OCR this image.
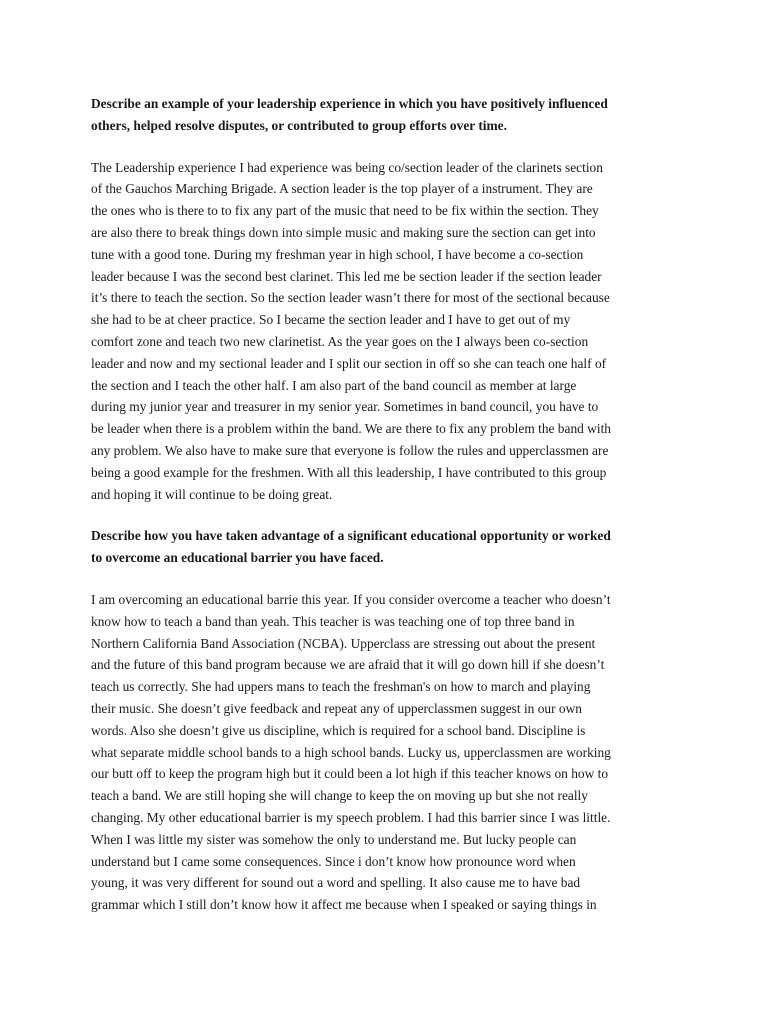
Describe an example of your leadership experience in which you have positively influenced
others, helped resolve disputes, or contributed to group efforts over time.
The Leadership experience I had experience was being co/section leader of the clarinets section
of the Gauchos Marching Brigade. A section leader is the top player of a instrument. They are
the ones who is there to to fix any part of the music that need to be fix within the section. They
are also there to break things down into simple music and making sure the section can get into
tune with a good tone. During my freshman year in high school, I have become a co-section
leader because I was the second best clarinet. This led me be section leader if the section leader
it’s there to teach the section. So the section leader wasn’t there for most of the sectional because
she had to be at cheer practice. So I became the section leader and I have to get out of my
comfort zone and teach two new clarinetist. As the year goes on the I always been co-section
leader and now and my sectional leader and I split our section in off so she can teach one half of
the section and I teach the other half. I am also part of the band council as member at large
during my junior year and treasurer in my senior year. Sometimes in band council, you have to
be leader when there is a problem within the band. We are there to fix any problem the band with
any problem. We also have to make sure that everyone is follow the rules and upperclassmen are
being a good example for the freshmen. With all this leadership, I have contributed to this group
and hoping it will continue to be doing great.
Describe how you have taken advantage of a significant educational opportunity or worked
to overcome an educational barrier you have faced.
I am overcoming an educational barrie this year. If you consider overcome a teacher who doesn’t
know how to teach a band than yeah. This teacher is was teaching one of top three band in
Northern California Band Association (NCBA). Upperclass are stressing out about the present
and the future of this band program because we are afraid that it will go down hill if she doesn’t
teach us correctly. She had uppers mans to teach the freshman's on how to march and playing
their music. She doesn’t give feedback and repeat any of upperclassmen suggest in our own
words. Also she doesn’t give us discipline, which is required for a school band. Discipline is
what separate middle school bands to a high school bands. Lucky us, upperclassmen are working
our butt off to keep the program high but it could been a lot high if this teacher knows on how to
teach a band. We are still hoping she will change to keep the on moving up but she not really
changing. My other educational barrier is my speech problem. I had this barrier since I was little.
When I was little my sister was somehow the only to understand me. But lucky people can
understand but I came some consequences. Since i don’t know how pronounce word when
young, it was very different for sound out a word and spelling. It also cause me to have bad
grammar which I still don’t know how it affect me because when I speaked or saying things in
